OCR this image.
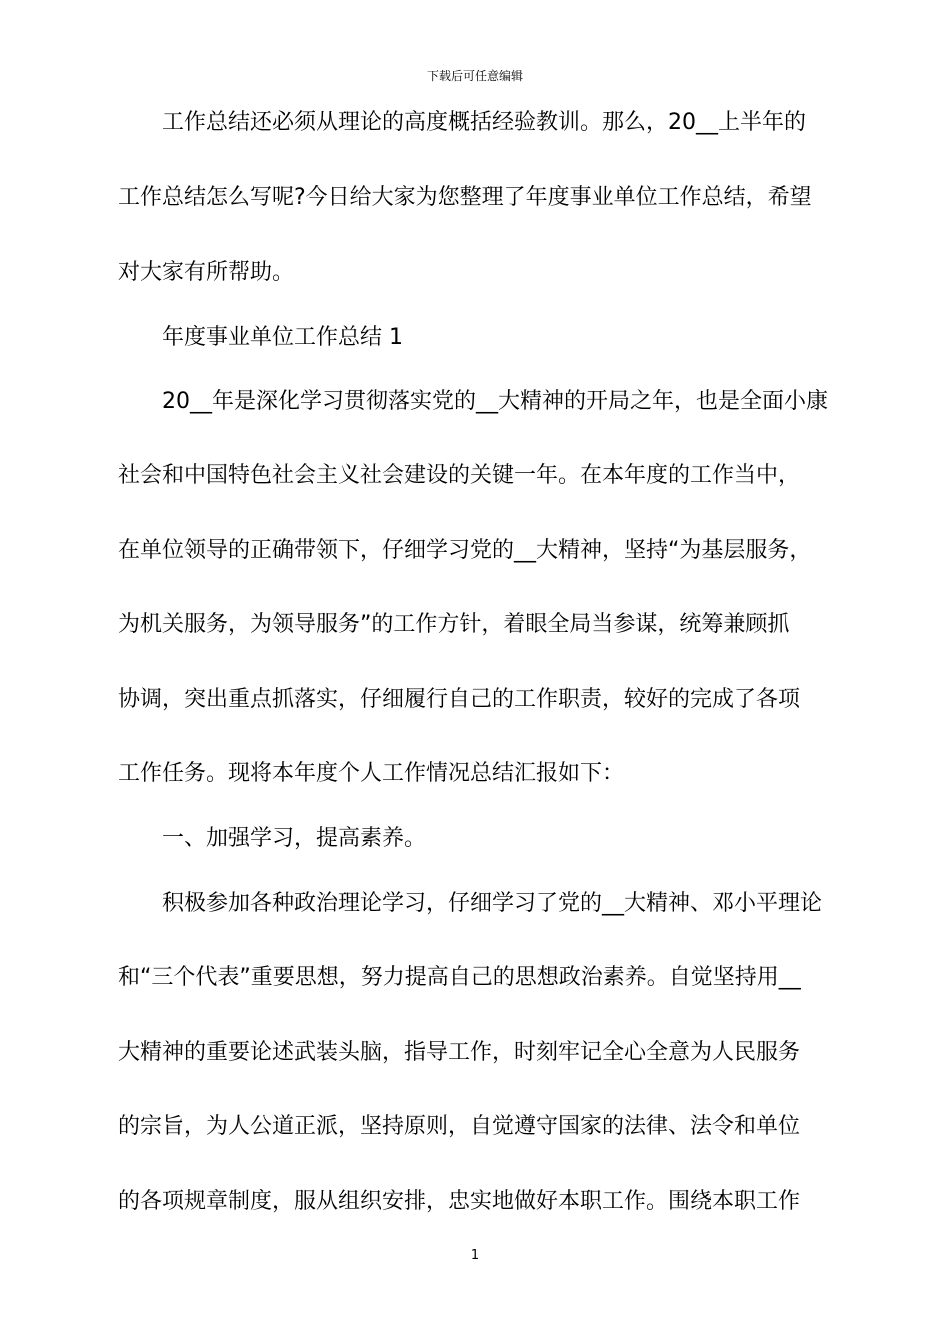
下载后可任意编辑
工作总结还必须从理论的高度概括经验教训。那么，20__上半年的
工作总结怎么写呢?今日给大家为您整理了年度事业单位工作总结，希望
对大家有所帮助。
年度事业单位工作总结 1
20__年是深化学习贯彻落实党的__大精神的开局之年，也是全面小康
社会和中国特色社会主义社会建设的关键一年。在本年度的工作当中，
在单位领导的正确带领下，仔细学习党的__大精神，坚持“为基层服务，
为机关服务，为领导服务”的工作方针，着眼全局当参谋，统筹兼顾抓
协调，突出重点抓落实，仔细履行自己的工作职责，较好的完成了各项
工作任务。现将本年度个人工作情况总结汇报如下：
一、加强学习，提高素养。
积极参加各种政治理论学习，仔细学习了党的__大精神、邓小平理论
和“三个代表”重要思想，努力提高自己的思想政治素养。自觉坚持用__
大精神的重要论述武装头脑，指导工作，时刻牢记全心全意为人民服务
的宗旨，为人公道正派，坚持原则，自觉遵守国家的法律、法令和单位
的各项规章制度，服从组织安排，忠实地做好本职工作。围绕本职工作
1
